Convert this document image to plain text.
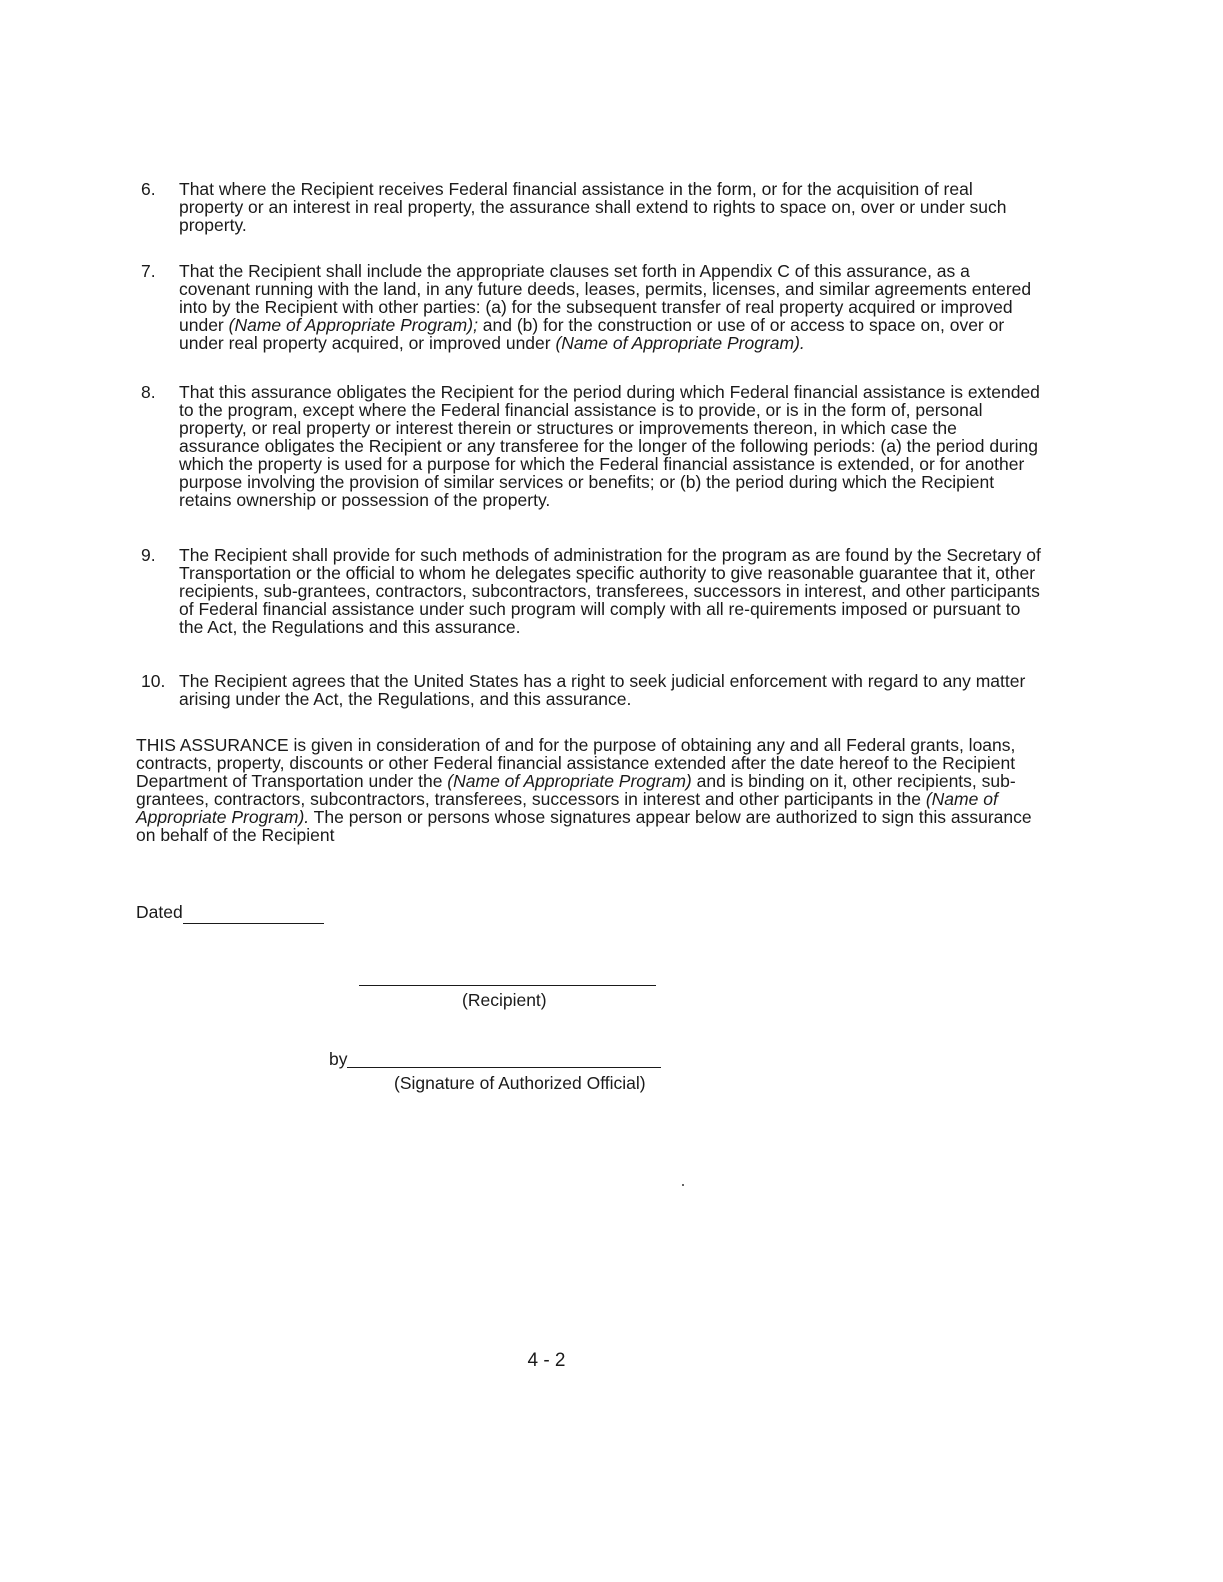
6.	That where the Recipient receives Federal financial assistance in the form, or for the acquisition of real property or an interest in real property, the assurance shall extend to rights to space on, over or under such property.
7.	That the Recipient shall include the appropriate clauses set forth in Appendix C of this assurance, as a covenant running with the land, in any future deeds, leases, permits, licenses, and similar agreements entered into by the Recipient with other parties: (a) for the subsequent transfer of real property acquired or improved under (Name of Appropriate Program); and (b) for the construction or use of or access to space on, over or under real property acquired, or improved under (Name of Appropriate Program).
8.	That this assurance obligates the Recipient for the period during which Federal financial assistance is extended to the program, except where the Federal financial assistance is to provide, or is in the form of, personal property, or real property or interest therein or structures or improvements thereon, in which case the assurance obligates the Recipient or any transferee for the longer of the following periods: (a) the period during which the property is used for a purpose for which the Federal financial assistance is extended, or for another purpose involving the provision of similar services or benefits; or (b) the period during which the Recipient retains ownership or possession of the property.
9.	The Recipient shall provide for such methods of administration for the program as are found by the Secretary of Transportation or the official to whom he delegates specific authority to give reasonable guarantee that it, other recipients, sub-grantees, contractors, subcontractors, transferees, successors in interest, and other participants of Federal financial assistance under such program will comply with all re-quirements imposed or pursuant to the Act, the Regulations and this assurance.
10. The Recipient agrees that the United States has a right to seek judicial enforcement with regard to any matter arising under the Act, the Regulations, and this assurance.
THIS ASSURANCE is given in consideration of and for the purpose of obtaining any and all Federal grants, loans, contracts, property, discounts or other Federal financial assistance extended after the date hereof to the Recipient Department of Transportation under the (Name of Appropriate Program) and is binding on it, other recipients, sub-grantees, contractors, subcontractors, transferees, successors in interest and other participants in the (Name of Appropriate Program). The person or persons whose signatures appear below are authorized to sign this assurance on behalf of the Recipient
Dated
(Recipient)
by
(Signature of Authorized Official)
4 - 2
